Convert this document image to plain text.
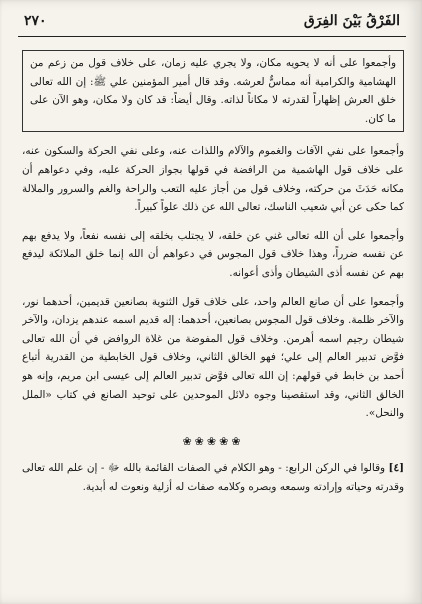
الفَرْقُ بَيْنَ الفِرَق
٢٧٠
وأجمعوا على أنه لا يحويه مكان، ولا يجري عليه زمان، على خلاف قول من زعم من الهشامية والكرامية أنه مماسٌّ لعرشه. وقد قال أمير المؤمنين علي ﷺ: إن الله تعالى خلق العرش إظهاراً لقدرته لا مكاناً لذاته. وقال أيضاً: قد كان ولا مكان، وهو الآن على ما كان.

وأجمعوا على نفي الآفات والغموم والآلام واللذات عنه، وعلى نفي الحركة والسكون عنه، على خلاف قول الهاشمية من الرافضة في قولها بجواز الحركة عليه، وفي دعواهم أن مكانه حَدَثَ من حركته، وخلاف قول من أجاز عليه التعب والراحة والغم والسرور والملالة كما حكى عن أبي شعيب الناسك، تعالى الله عن ذلك علواً كبيراً.

وأجمعوا على أن الله تعالى غني عن خلقه، لا يجتلب بخلقه إلى نفسه نفعاً، ولا يدفع بهم عن نفسه ضرراً، وهذا خلاف قول المجوس في دعواهم أن الله إنما خلق الملائكة ليدفع بهم عن نفسه أذى الشيطان وأذى أعوانه.

وأجمعوا على أن صانع العالم واحد، على خلاف قول الثنوية بصانعين قديمين، أحدهما نور، والآخر ظلمة. وخلاف قول المجوس بصانعين، أحدهما: إله قديم اسمه عندهم يزدان، والآخر شيطان رجيم اسمه أهرمن. وخلاف قول المفوضة من غلاة الروافض في أن الله تعالى فوَّض تدبير العالم إلى علي؛ فهو الخالق الثاني، وخلاف قول الخابطية من القدرية أتباع أحمد بن خابط في قولهم: إن الله تعالى فوَّض تدبير العالم إلى عيسى ابن مريم، وإنه هو الخالق الثاني، وقد استقصينا وجوه دلائل الموحدين على توحيد الصانع في كتاب «الملل والنحل».

❀❀❀❀❀

[٤] وقالوا في الركن الرابع: - وهو الكلام في الصفات القائمة بالله ﷻ - إن علم الله تعالى وقدرته وحياته وإرادته وسمعه وبصره وكلامه صفات له أزلية ونعوت له أبدية.
